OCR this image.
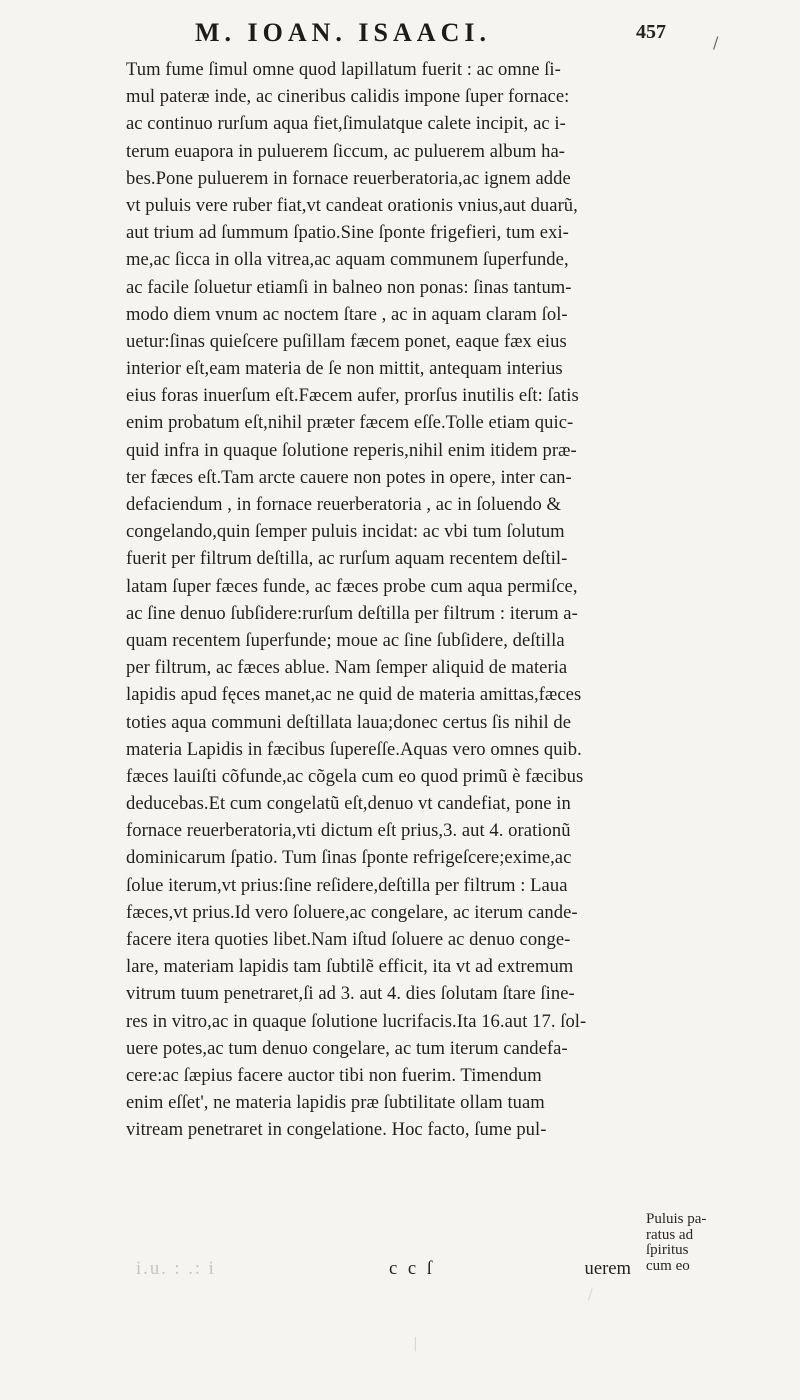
M. IOAN. ISAACI.	457	/
Tum fume ſimul omne quod lapillatum fuerit : ac omne ſi-
mul pateræ inde, ac cineribus calidis impone ſuper fornace:
ac continuo rurſum aqua fiet,ſimulatque calete incipit, ac i-
terum euapora in puluerem ſiccum, ac puluerem album ha-
bes.Pone puluerem in fornace reuerberatoria,ac ignem adde
vt puluis vere ruber fiat,vt candeat orationis vnius,aut duarũ,
aut trium ad ſummum ſpatio.Sine ſponte frigefieri, tum exi-
me,ac ſicca in olla vitrea,ac aquam communem ſuperfunde,
ac facile ſoluetur etiamſi in balneo non ponas: ſinas tantum-
modo diem vnum ac noctem ſtare , ac in aquam claram ſol-
uetur:ſinas quieſcere puſillam fæcem ponet, eaque fæx eius
interior eſt,eam materia de ſe non mittit, antequam interius
eius foras inuerſum eſt.Fæcem aufer, prorſus inutilis eſt: ſatis
enim probatum eſt,nihil præter fæcem eſſe.Tolle etiam quic-
quid infra in quaque ſolutione reperis,nihil enim itidem præ-
ter fæces eſt.Tam arcte cauere non potes in opere, inter can-
defaciendum , in fornace reuerberatoria , ac in ſoluendo &
congelando,quin ſemper puluis incidat: ac vbi tum ſolutum
fuerit per filtrum deſtilla, ac rurſum aquam recentem deſtil-
latam ſuper fæces funde, ac fæces probe cum aqua permiſce,
ac ſine denuo ſubſidere:rurſum deſtilla per filtrum : iterum a-
quam recentem ſuperfunde; moue ac ſine ſubſidere, deſtilla
per filtrum, ac fæces ablue. Nam ſemper aliquid de materia
lapidis apud fęces manet,ac ne quid de materia amittas,fæces
toties aqua communi deſtillata laua;donec certus ſis nihil de
materia Lapidis in fæcibus ſupereſſe.Aquas vero omnes quib.
fæces lauiſti cõfunde,ac cõgela cum eo quod primũ è fæcibus
deducebas.Et cum congelatũ eſt,denuo vt candefiat, pone in
fornace reuerberatoria,vti dictum eſt prius,3. aut 4. orationũ
dominicarum ſpatio. Tum ſinas ſponte refrigeſcere;exime,ac
ſolue iterum,vt prius:ſine reſidere,deſtilla per filtrum : Laua
fæces,vt prius.Id vero ſoluere,ac congelare, ac iterum cande-
facere itera quoties libet.Nam iſtud ſoluere ac denuo conge-
lare, materiam lapidis tam ſubtilẽ efficit, ita vt ad extremum
vitrum tuum penetraret,ſi ad 3. aut 4. dies ſolutam ſtare ſine-
res in vitro,ac in quaque ſolutione lucrifacis.Ita 16.aut 17. ſol-
uere potes,ac tum denuo congelare, ac tum iterum candefa-
cere:ac ſæpius facere auctor tibi non fuerim. Timendum
enim eſſet', ne materia lapidis præ ſubtilitate ollam tuam
vitream penetraret in congelatione. Hoc facto, ſume pul-
Puluis pa-
ratus ad
ſpiritus
cum eo
i.u. : .: i	c c ſ	uerem
|
/
